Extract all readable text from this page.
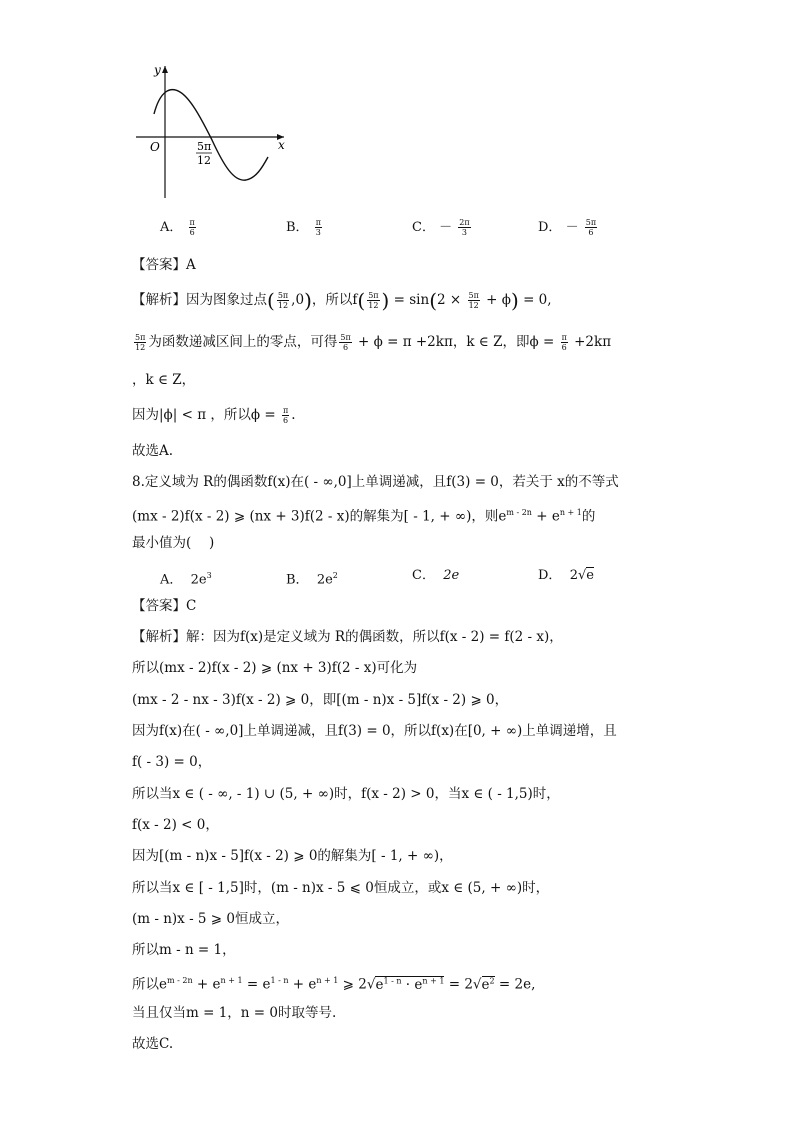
y
x
O	5π
12
A． $\frac{\pi}{6}$	B． $\frac{\pi}{3}$	C． － $\frac{2\pi}{3}$	D． － $\frac{5\pi}{6}$
【答案】A
【解析】因为图象过点( $\frac{5\pi}{12} ,0$)，所以$f( \frac{5\pi}{12}$ ) = $\sin(2 \times \frac{5\pi}{12} + \phi) = 0$,
$\frac{5\pi}{12}$ 为函数递减区间上的零点，可得 $\frac{5\pi}{6} + \phi = \pi +2k\pi$，k ∈ Z，即$\phi = \frac{\pi}{6} +2k\pi$
，k ∈ Z，
因为|ϕ| < π ，所以$\phi = \frac{\pi}{6}$ .
故选A.
8.定义域为 R的偶函数f(x)在( - ∞,0]上单调递减，且f(3) = 0，若关于 x的不等式
(mx - 2)f(x - 2) ⩾ (nx + 3)f(2 - x)的解集为[ - 1, + ∞)，则$e^{m - 2n} + e^{n + 1}$的
最小值为(　 )
A． $2e^3$	B． $2e^2$	C． 2e	D． 2√e
【答案】C
【解析】解：因为f(x)是定义域为 R的偶函数，所以f(x - 2) = f(2 - x)，
所以(mx - 2)f(x - 2) ⩾ (nx + 3)f(2 - x)可化为
(mx - 2 - nx - 3)f(x - 2) ⩾ 0，即[(m - n)x - 5]f(x - 2) ⩾ 0，
因为f(x)在( - ∞,0]上单调递减，且f(3) = 0，所以f(x)在[0, + ∞)上单调递增，且
f( - 3) = 0，
所以当x ∈ ( - ∞, - 1) ∪ (5, + ∞)时，f(x - 2) > 0，当x ∈ ( - 1,5)时，
f(x - 2) < 0，
因为[(m - n)x - 5]f(x - 2) ⩾ 0的解集为[ - 1, + ∞)，
所以当x ∈ [ - 1,5]时，(m - n)x - 5 ⩽ 0恒成立，或x ∈ (5, + ∞)时，
(m - n)x - 5 ⩾ 0恒成立，
所以m - n = 1，
所以$e^{m - 2n} + e^{n + 1} = e^{1 - n} + e^{n + 1}$ ⩾ $2√e^{1 - n} \cdot e^{n + 1} = 2√e^2 = 2e$,
当且仅当m = 1，n = 0时取等号.
故选C.
